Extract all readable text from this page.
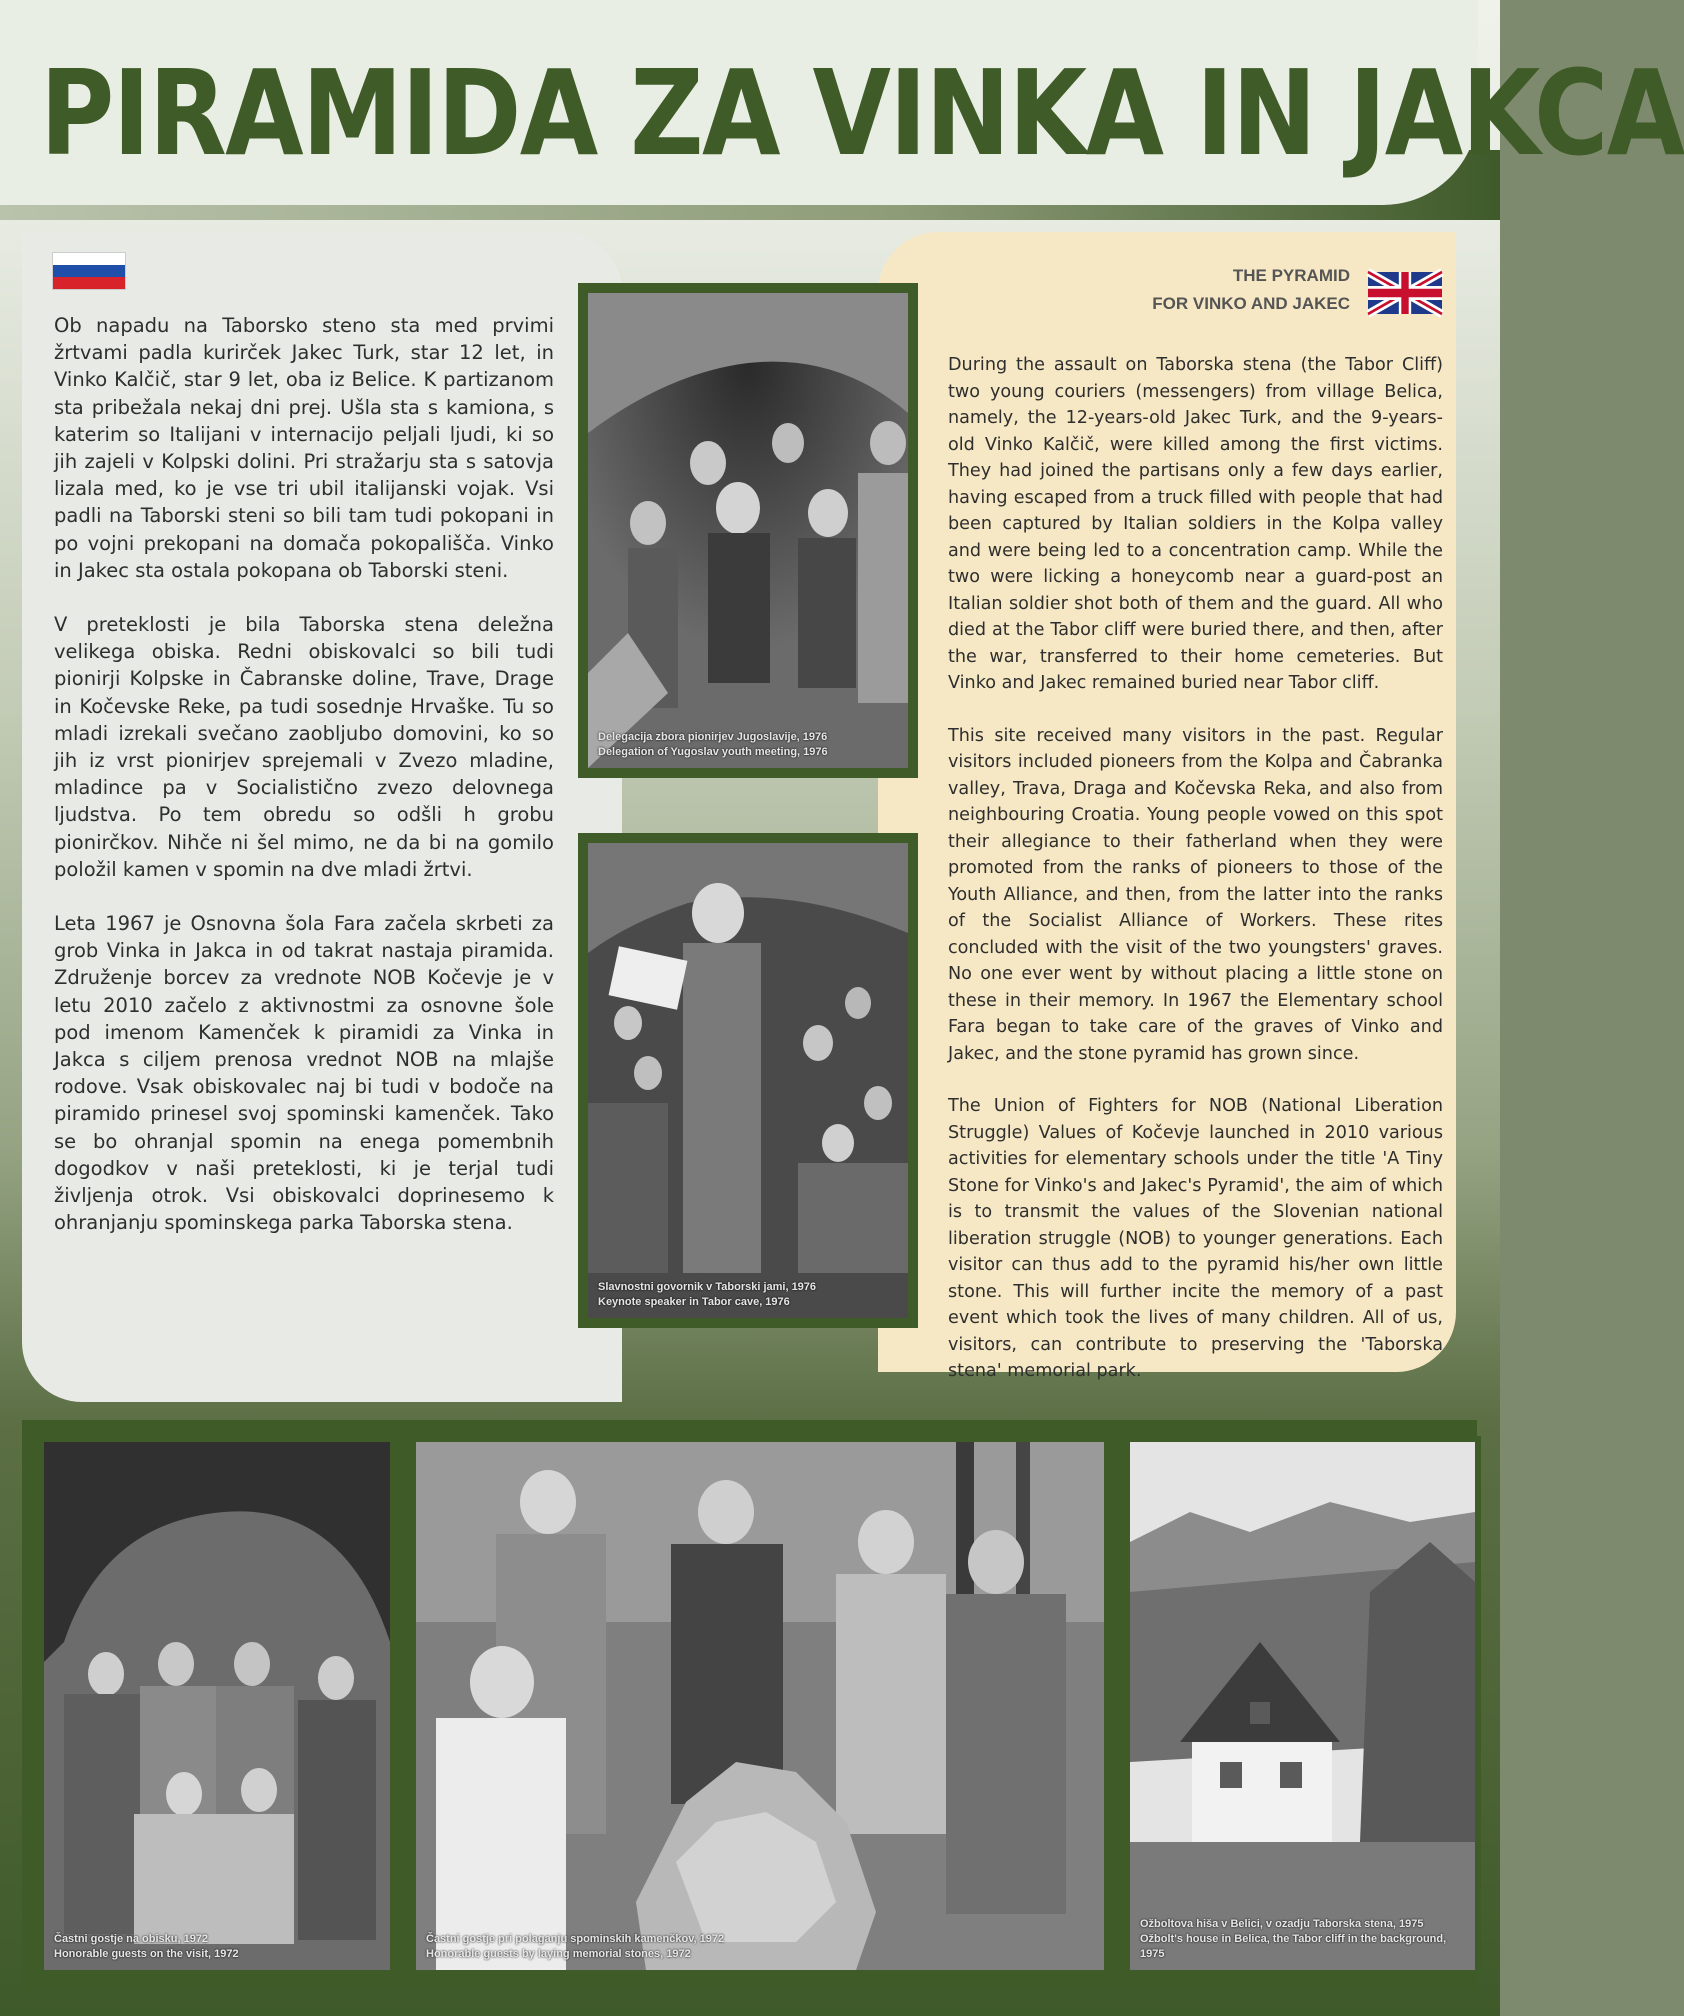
PIRAMIDA ZA VINKA IN JAKCA

Ob napadu na Taborsko steno sta med prvimi žrtvami padla kurirček Jakec Turk, star 12 let, in Vinko Kalčič, star 9 let, oba iz Belice. K partizanom sta pribežala nekaj dni prej. Ušla sta s kamiona, s katerim so Italijani v internacijo peljali ljudi, ki so jih zajeli v Kolpski dolini. Pri stražarju sta s satovja lizala med, ko je vse tri ubil italijanski vojak. Vsi padli na Taborski steni so bili tam tudi pokopani in po vojni prekopani na domača pokopališča. Vinko in Jakec sta ostala pokopana ob Taborski steni.

V preteklosti je bila Taborska stena deležna velikega obiska. Redni obiskovalci so bili tudi pionirji Kolpske in Čabranske doline, Trave, Drage in Kočevske Reke, pa tudi sosednje Hrvaške. Tu so mladi izrekali svečano zaobljubo domovini, ko so jih iz vrst pionirjev sprejemali v Zvezo mladine, mladince pa v Socialistično zvezo delovnega ljudstva. Po tem obredu so odšli h grobu pionirčkov. Nihče ni šel mimo, ne da bi na gomilo položil kamen v spomin na dve mladi žrtvi.

Leta 1967 je Osnovna šola Fara začela skrbeti za grob Vinka in Jakca in od takrat nastaja piramida. Združenje borcev za vrednote NOB Kočevje je v letu 2010 začelo z aktivnostmi za osnovne šole pod imenom Kamenček k piramidi za Vinka in Jakca s ciljem prenosa vrednot NOB na mlajše rodove. Vsak obiskovalec naj bi tudi v bodoče na piramido prinesel svoj spominski kamenček. Tako se bo ohranjal spomin na enega pomembnih dogodkov v naši preteklosti, ki je terjal tudi življenja otrok. Vsi obiskovalci doprinesemo k ohranjanju spominskega parka Taborska stena.

THE PYRAMID
FOR VINKO AND JAKEC

During the assault on Taborska stena (the Tabor Cliff) two young couriers (messengers) from village Belica, namely, the 12-years-old Jakec Turk, and the 9-years-old Vinko Kalčič, were killed among the first victims. They had joined the partisans only a few days earlier, having escaped from a truck filled with people that had been captured by Italian soldiers in the Kolpa valley and were being led to a concentration camp. While the two were licking a honeycomb near a guard-post an Italian soldier shot both of them and the guard. All who died at the Tabor cliff were buried there, and then, after the war, transferred to their home cemeteries. But Vinko and Jakec remained buried near Tabor cliff.

This site received many visitors in the past. Regular visitors included pioneers from the Kolpa and Čabranka valley, Trava, Draga and Kočevska Reka, and also from neighbouring Croatia. Young people vowed on this spot their allegiance to their fatherland when they were promoted from the ranks of pioneers to those of the Youth Alliance, and then, from the latter into the ranks of the Socialist Alliance of Workers. These rites concluded with the visit of the two youngsters' graves. No one ever went by without placing a little stone on these in their memory. In 1967 the Elementary school Fara began to take care of the graves of Vinko and Jakec, and the stone pyramid has grown since.

The Union of Fighters for NOB (National Liberation Struggle) Values of Kočevje launched in 2010 various activities for elementary schools under the title 'A Tiny Stone for Vinko's and Jakec's Pyramid', the aim of which is to transmit the values of the Slovenian national liberation struggle (NOB) to younger generations. Each visitor can thus add to the pyramid his/her own little stone. This will further incite the memory of a past event which took the lives of many children. All of us, visitors, can contribute to preserving the 'Taborska stena' memorial park.

Delegacija zbora pionirjev Jugoslavije, 1976
Delegation of Yugoslav youth meeting, 1976
Slavnostni govornik v Taborski jami, 1976
Keynote speaker in Tabor cave, 1976
Častni gostje na obisku, 1972
Honorable guests on the visit, 1972
Častni gostje pri polaganju spominskih kamenčkov, 1972
Honorable guests by laying memorial stones, 1972
Ožboltova hiša v Belici, v ozadju Taborska stena, 1975
Ožbolt's house in Belica, the Tabor cliff in the background, 1975
